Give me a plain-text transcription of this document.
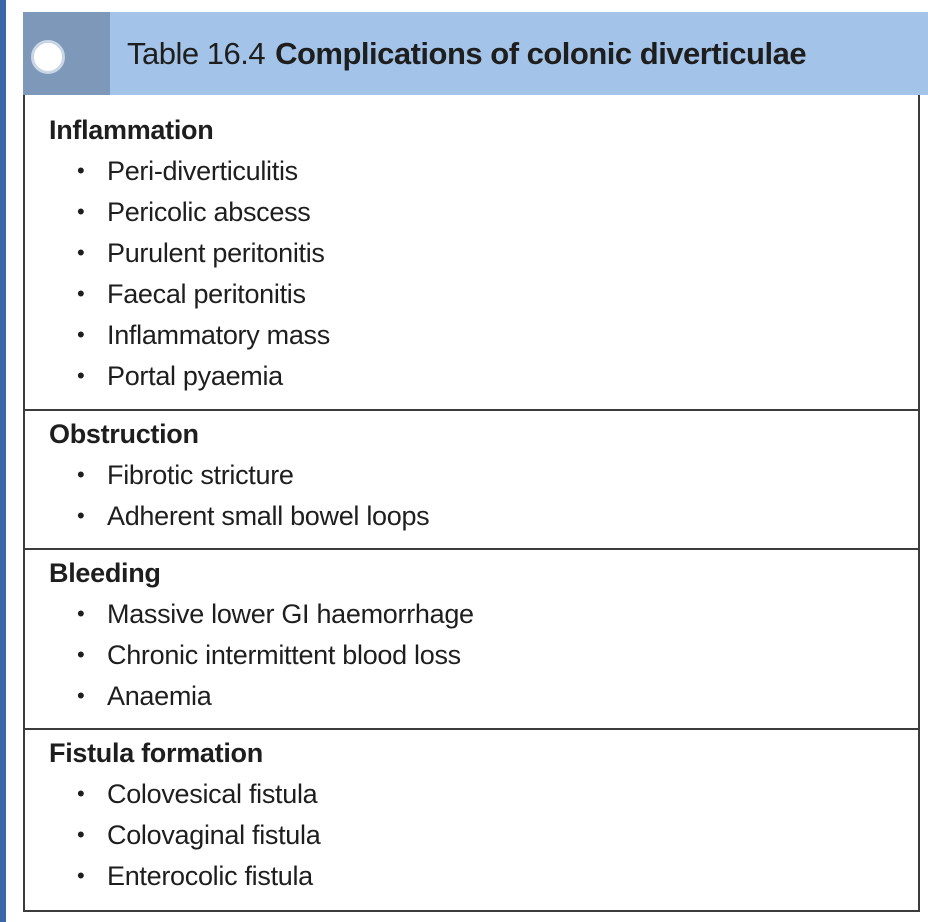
Table 16.4 Complications of colonic diverticulae
Inflammation
• Peri-diverticulitis
• Pericolic abscess
• Purulent peritonitis
• Faecal peritonitis
• Inflammatory mass
• Portal pyaemia
Obstruction
• Fibrotic stricture
• Adherent small bowel loops
Bleeding
• Massive lower GI haemorrhage
• Chronic intermittent blood loss
• Anaemia
Fistula formation
• Colovesical fistula
• Colovaginal fistula
• Enterocolic fistula
